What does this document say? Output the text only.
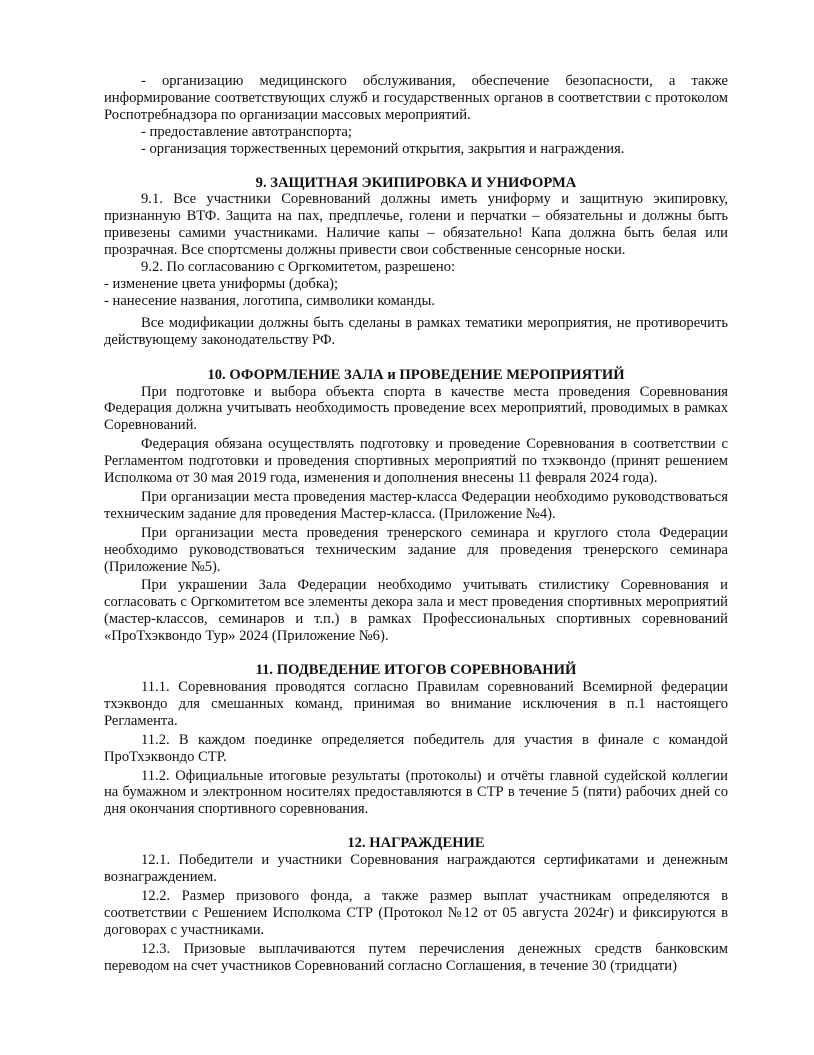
- организацию медицинского обслуживания, обеспечение безопасности, а также информирование соответствующих служб и государственных органов в соответствии с протоколом Роспотребнадзора по организации массовых мероприятий.

- предоставление автотранспорта;

- организация торжественных церемоний открытия, закрытия и награждения.

9. ЗАЩИТНАЯ ЭКИПИРОВКА И УНИФОРМА

9.1. Все участники Соревнований должны иметь униформу и защитную экипировку, признанную ВТФ. Защита на пах, предплечье, голени и перчатки – обязательны и должны быть привезены самими участниками. Наличие капы – обязательно! Капа должна быть белая или прозрачная. Все спортсмены должны привести свои собственные сенсорные носки.

9.2. По согласованию с Оргкомитетом, разрешено:

- изменение цвета униформы (добка);

- нанесение названия, логотипа, символики команды.

Все модификации должны быть сделаны в рамках тематики мероприятия, не противоречить действующему законодательству РФ.

10. ОФОРМЛЕНИЕ ЗАЛА и ПРОВЕДЕНИЕ МЕРОПРИЯТИЙ

При подготовке и выбора объекта спорта в качестве места проведения Соревнования Федерация должна учитывать необходимость проведение всех мероприятий, проводимых в рамках Соревнований.

Федерация обязана осуществлять подготовку и проведение Соревнования в соответствии с Регламентом подготовки и проведения спортивных мероприятий по тхэквондо (принят решением Исполкома от 30 мая 2019 года, изменения и дополнения внесены 11 февраля 2024 года).

При организации места проведения мастер-класса Федерации необходимо руководствоваться техническим задание для проведения Мастер-класса. (Приложение №4).

При организации места проведения тренерского семинара и круглого стола Федерации необходимо руководствоваться техническим задание для проведения тренерского семинара (Приложение №5).

При украшении Зала Федерации необходимо учитывать стилистику Соревнования и согласовать с Оргкомитетом все элементы декора зала и мест проведения спортивных мероприятий (мастер-классов, семинаров и т.п.) в рамках Профессиональных спортивных соревнований «ПроТхэквондо Тур» 2024 (Приложение №6).

11. ПОДВЕДЕНИЕ ИТОГОВ СОРЕВНОВАНИЙ

11.1. Соревнования проводятся согласно Правилам соревнований Всемирной федерации тхэквондо для смешанных команд, принимая во внимание исключения в п.1 настоящего Регламента.

11.2. В каждом поединке определяется победитель для участия в финале с командой ПроТхэквондо СТР.

11.2. Официальные итоговые результаты (протоколы) и отчёты главной судейской коллегии на бумажном и электронном носителях предоставляются в СТР в течение 5 (пяти) рабочих дней со дня окончания спортивного соревнования.

12. НАГРАЖДЕНИЕ

12.1. Победители и участники Соревнования награждаются сертификатами и денежным вознаграждением.

12.2. Размер призового фонда, а также размер выплат участникам определяются в соответствии с Решением Исполкома СТР (Протокол №12 от 05 августа 2024г) и фиксируются в договорах с участниками.

12.3. Призовые выплачиваются путем перечисления денежных средств банковским переводом на счет участников Соревнований согласно Соглашения, в течение 30 (тридцати)
